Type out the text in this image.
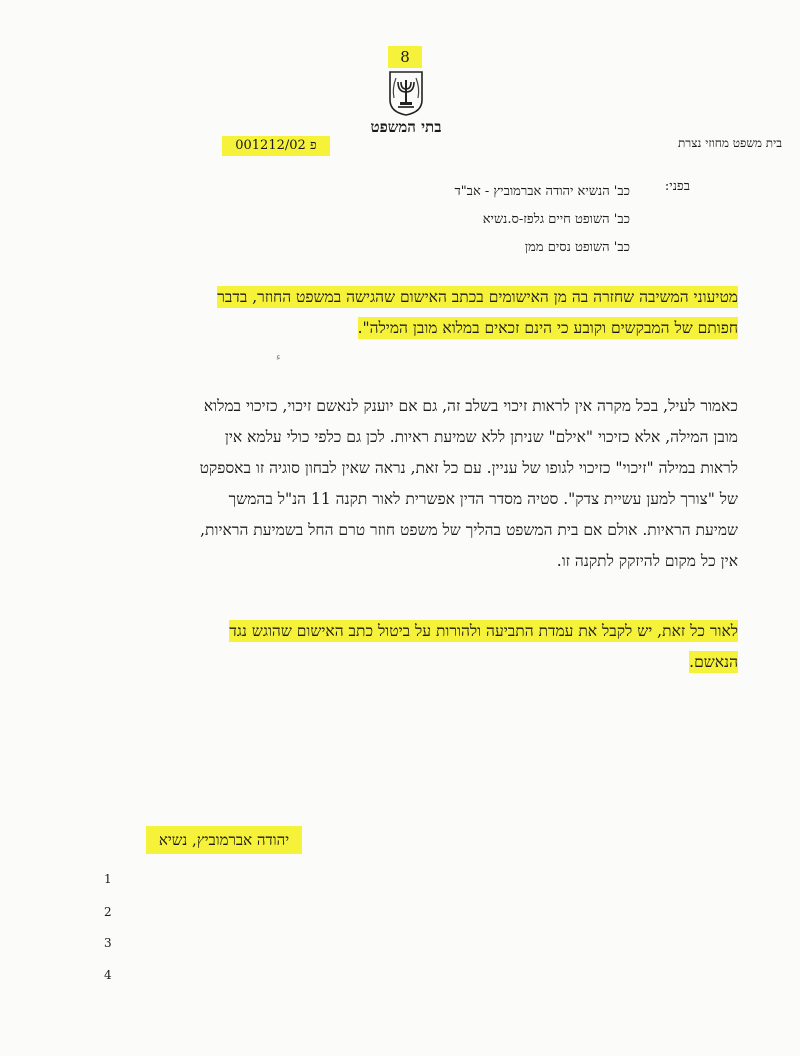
8
בתי המשפט
פ 001212/02	בית משפט מחוזי נצרת
בפני:
כב' הנשיא יהודה אברמוביץ - אב"ד
כב' השופט חיים גלפז-ס.נשיא
כב' השופט נסים ממן
מטיעוני המשיבה שחזרה בה מן האישומים בכתב האישום שהגישה במשפט החוזר, בדבר חפותם של המבקשים וקובע כי הינם זכאים במלוא מובן המילה".
ء
כאמור לעיל, בכל מקרה אין לראות זיכוי בשלב זה, גם אם יוענק לנאשם זיכוי, כזיכוי במלוא מובן המילה, אלא כזיכוי "אילם" שניתן ללא שמיעת ראיות. לכן גם כלפי כולי עלמא אין לראות במילה "זיכוי" כזיכוי לגופו של עניין. עם כל זאת, נראה שאין לבחון סוגיה זו באספקט של "צורך למען עשיית צדק". סטיה מסדר הדין אפשרית לאור תקנה 11 הנ"ל בהמשך שמיעת הראיות. אולם אם בית המשפט בהליך של משפט חוזר טרם החל בשמיעת הראיות, אין כל מקום להיזקק לתקנה זו.
לאור כל זאת, יש לקבל את עמדת התביעה ולהורות על ביטול כתב האישום שהוגש נגד הנאשם.
יהודה אברמוביץ, נשיא
1
2
3
4
